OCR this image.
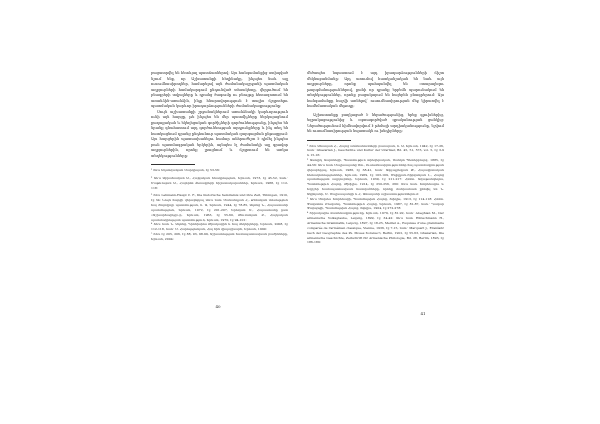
բացատրվել են հետևյալ պատճառներով: Այս հանգամանքից ստիպված նշում ենք, որ Աշխատանքի հեղինակը, ինչպես նաև այլ ուսումնասիրողներ, համարելով այն ժամանակաշրջանի պատմական աղբյուրների համակարգում ընդունված տեսակետը, վերլուծում են բնագրերի տվյալները և դրանց ծագումը ու բնույթը հետազոտում են առանձին-առանձին, ինչը հնարավորություն է տալիս ճշգրտելու պատմական կարևոր իրադարձությունների ժամանակագրությունը:

Սույն աշխատանքի շրջանակներում առանձնակի կարևորություն ունի այն հարցը, թե ինչպես են մեր պատմիչները ներկայացնում քաղաքական և եկեղեցական գործիչների գործունեությունը, ինչպես են նրանք գնահատում այդ գործունեության արդյունքները և ինչ տեղ են հատկացնում դրանց ընդհանուր պատմական զարգացման ընթացքում: Այս հարցերին պատասխանելու համար անհրաժեշտ է դիմել ինչպես բուն պատմագրական երկերին, այնպես էլ ժամանակի այլ գրավոր աղբյուրներին, որոնք լրացնում և ճշգրտում են առկա տեղեկությունները:

¹ Տե՛ս Աղանգանյան Սարգիսյան, էջ 53-56:

² Տե՛ս Աբրահամյան Ա., Հայկական հնագրություն, Երևան, 1973, էջ 45-52, նաև՝ Մաթևոսյան Ա., Հայերեն ձեռագրերի հիշատակարաններ, Երևան, 1988, էջ 112-118:

³ Տե՛ս Lehmann-Haupt C. F., Die historische Semiramis und ihre Zeit, Tübingen, 1910, էջ 34: Նույն հարցի վերաբերյալ տե՛ս նաև Մանանդյան Հ., Քննական տեսություն հայ ժողովրդի պատմության, հ. Ա, Երևան, 1944, էջ 78-85, Ադոնց Ն., Հայաստանի պատմություն, Երևան, 1972, էջ 201-207, Երեմյան Ս., Հայաստանը ըստ «Աշխարհացոյց»-ի, Երևան, 1963, էջ 55-60, Թումանյան Բ., Հայկական պատմագրության պատմություն, Երևան, 1970, էջ 94-101:

⁴ Տե՛ս նաև Ն. Ադոնց, Դիոնիսիոս Թրակացին և հայ մեկնիչները, Երևան, 2008, էջ 112-118, նաև՝ Ս. Հարությունյան, Հայ հին վիպաշխարհ, Երևան, 1999:

⁵ Տե՛ս էջ 205, 206, էջ 88, 93, 98-99, Աշխատության համապատասխան բաժինները, Երևան, 2004:

40

մեծապես նպաստում է այդ իրադարձությունների ճիշտ մեկնաբանմանը: Այդ առումով հատկանշական են նաև այն աղբյուրները, որոնք պահպանվել են օտարալեզու թարգմանություններով, քանի որ դրանք երբեմն պարունակում են տեղեկություններ, որոնք բացակայում են հայերեն բնագրերում: Այս հանգամանքը հաշվի առնելով՝ ուսումնասիրության մեջ կիրառվել է համեմատական մեթոդը:

Աշխատանքը բաղկացած է ներածությունից, երեք գլուխներից, եզրակացությունից և օգտագործված գրականության ցանկից: Ներածությունում հիմնավորվում է թեմայի արդիականությունը, նշվում են ուսումնասիրության նպատակն ու խնդիրները:

¹ Տե՛ս Աճառյան Հ., Հայոց անձնանունների բառարան, հ. Ա, Երևան, 1942, էջ 17-26, նաև՝ Ghazarian J., Geschichte und Kultur der Urartäer, Bd. 45, 51, 573, vol. 5, էջ 3-9 և 15-16:

² Ասողիկ Տարոնեցի, Պատմութիւն տիեզերական, Սանկտ Պետերբուրգ, 1885, էջ 44-56: Տե՛ս նաև Մալխասյանց Ստ., Ուսումնասիրություններ հայ պատմագրության վերաբերյալ, Երևան, 1986, էջ 38-41, նաև՝ Ավդալբեգյան Թ., Հայագիտական հետազոտություններ, Երևան, 1969, էջ 103-109, Մելիքյան-Շիրվանյան Լ., Հայոց պատմության աղբյուրներ, Երևան, 1939, էջ 211-217: Հմմտ. Ագաթանգեղոս, Պատմութիւն Հայոց, Թիֆլիս, 1914, էջ 250-256, 260: Տե՛ս նաև Խորենացու և Եղիշեի համապատասխան հատվածները, որոնք մանրամասն քննվել են Ն. Ակինյանի, Ս. Մալխասյանցի և Հ. Աճառյանի աշխատություններում:

³ Տե՛ս Մովսես Խորենացի, Պատմութիւն Հայոց, Տփղիս, 1913, էջ 114-118: Հմմտ. Փավստոս Բուզանդ, Պատմութիւն Հայոց, Երևան, 1987, էջ 81-87, նաև՝ Ղազար Փարպեցի, Պատմութիւն Հայոց, Տփղիս, 1904, էջ 272-278:

⁴ Շիրակացու մատենագրությունը, Երևան, 1979, էջ 81-92, նաև՝ Abeghian M., Der armenische Volksglaube, Leipzig, 1899, էջ 34-42: Տե՛ս նաև Hübschmann H., Armenische Grammatik, Leipzig, 1897, էջ 18-25, Meillet A., Esquisse d'une grammaire comparée de l'arménien classique, Vienne, 1936, էջ 7-15, նաև՝ Marquart J., Eranšahr nach der Geographie des Ps. Moses Xorenac'i, Berlin, 1901, էջ 55-63, Ghazarian, Die armenische Geschichte, Zeitschrift für Armenische Philologie, Bd. 28, Berlin, 1893, էջ 186-189:

41
